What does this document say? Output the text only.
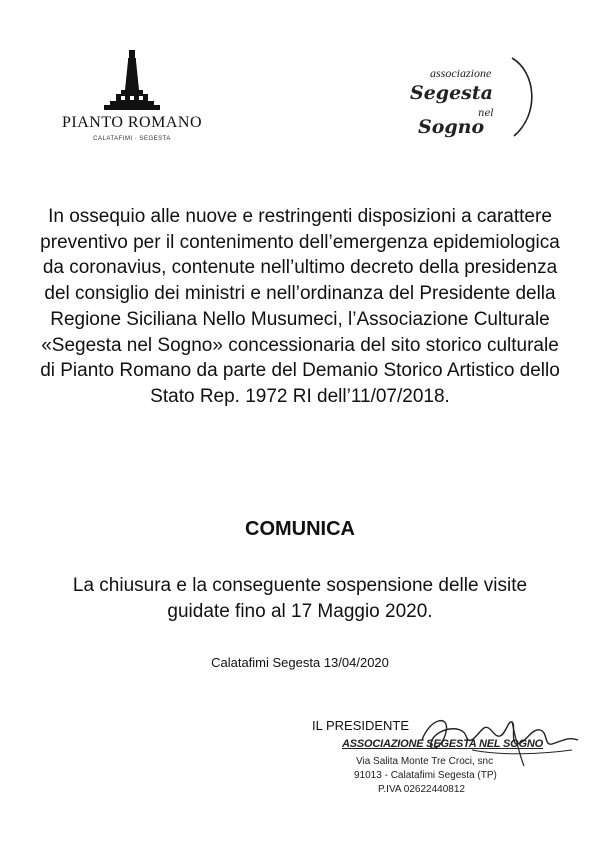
PIANTO ROMANO
CALATAFIMI · SEGESTA
associazione
Segesta
nel
Sogno

In ossequio alle nuove e restringenti disposizioni a carattere preventivo per il contenimento dell’emergenza epidemiologica da coronavius, contenute nell’ultimo decreto della presidenza del consiglio dei ministri e nell’ordinanza del Presidente della Regione Siciliana Nello Musumeci, l’Associazione Culturale «Segesta nel Sogno» concessionaria del sito storico culturale di Pianto Romano da parte del Demanio Storico Artistico dello Stato Rep. 1972 RI dell’11/07/2018.

COMUNICA

La chiusura e la conseguente sospensione delle visite guidate fino al 17 Maggio 2020.

Calatafimi Segesta 13/04/2020
IL PRESIDENTE
ASSOCIAZIONE SEGESTA NEL SOGNO
Via Salita Monte Tre Croci, snc
91013 - Calatafimi Segesta (TP)
P.IVA 02622440812
